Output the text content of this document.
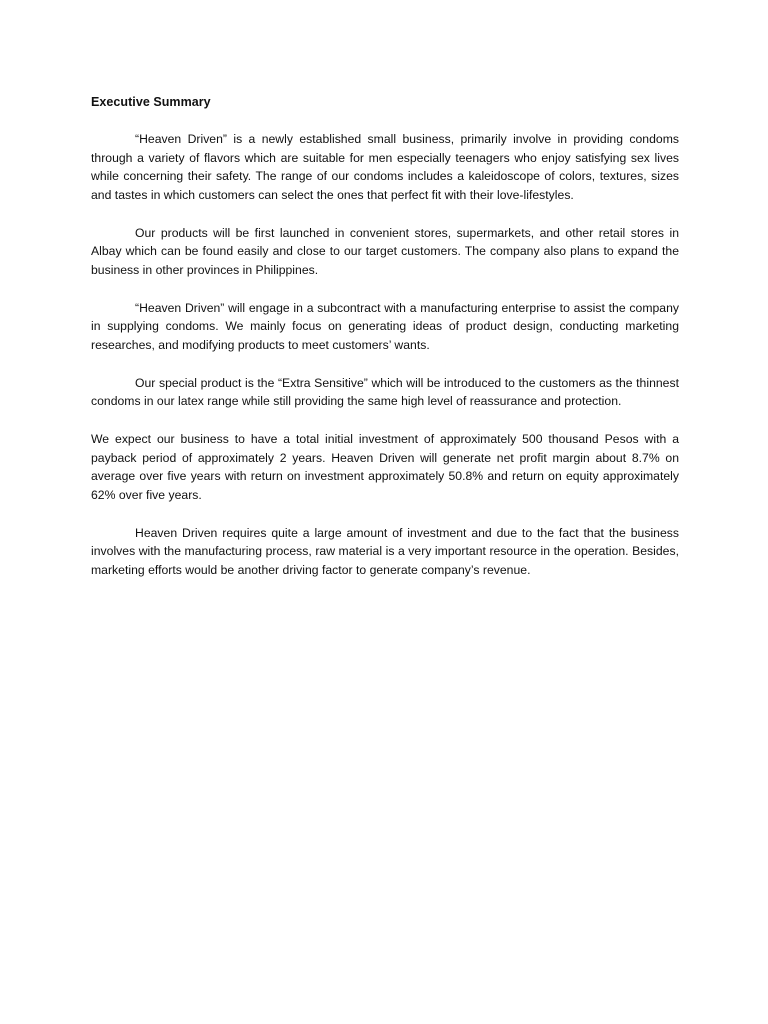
Executive Summary

“Heaven Driven” is a newly established small business, primarily involve in providing condoms through a variety of flavors which are suitable for men especially teenagers who enjoy satisfying sex lives while concerning their safety. The range of our condoms includes a kaleidoscope of colors, textures, sizes and tastes in which customers can select the ones that perfect fit with their love-lifestyles.

Our products will be first launched in convenient stores, supermarkets, and other retail stores in Albay which can be found easily and close to our target customers. The company also plans to expand the business in other provinces in Philippines.

“Heaven Driven” will engage in a subcontract with a manufacturing enterprise to assist the company in supplying condoms. We mainly focus on generating ideas of product design, conducting marketing researches, and modifying products to meet customers’ wants.

Our special product is the “Extra Sensitive” which will be introduced to the customers as the thinnest condoms in our latex range while still providing the same high level of reassurance and protection.

We expect our business to have a total initial investment of approximately 500 thousand Pesos with a payback period of approximately 2 years. Heaven Driven will generate net profit margin about 8.7% on average over five years with return on investment approximately 50.8% and return on equity approximately 62% over five years.

Heaven Driven requires quite a large amount of investment and due to the fact that the business involves with the manufacturing process, raw material is a very important resource in the operation. Besides, marketing efforts would be another driving factor to generate company’s revenue.
